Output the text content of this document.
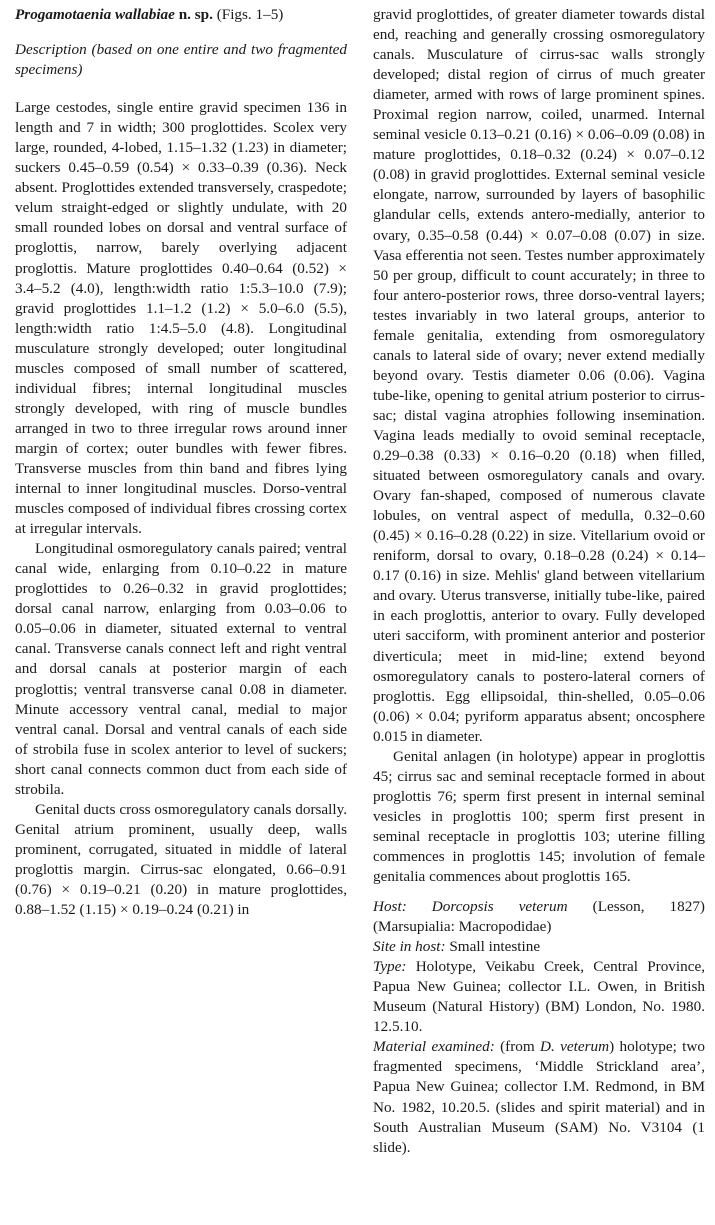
Progamotaenia wallabiae n. sp. (Figs. 1–5)
Description (based on one entire and two fragmented specimens)

Large cestodes, single entire gravid specimen 136 in length and 7 in width; 300 proglottides. Scolex very large, rounded, 4-lobed, 1.15–1.32 (1.23) in diameter; suckers 0.45–0.59 (0.54) × 0.33–0.39 (0.36). Neck absent. Proglottides extended transversely, craspedote; velum straight-edged or slightly undulate, with 20 small rounded lobes on dorsal and ventral surface of proglottis, narrow, barely overlying adjacent proglottis. Mature proglottides 0.40–0.64 (0.52) × 3.4–5.2 (4.0), length:width ratio 1:5.3–10.0 (7.9); gravid proglottides 1.1–1.2 (1.2) × 5.0–6.0 (5.5), length:width ratio 1:4.5–5.0 (4.8). Longitudinal musculature strongly developed; outer longitudinal muscles composed of small number of scattered, individual fibres; internal longitudinal muscles strongly developed, with ring of muscle bundles arranged in two to three irregular rows around inner margin of cortex; outer bundles with fewer fibres. Transverse muscles from thin band and fibres lying internal to inner longitudinal muscles. Dorso-ventral muscles composed of individual fibres crossing cortex at irregular intervals.

Longitudinal osmoregulatory canals paired; ventral canal wide, enlarging from 0.10–0.22 in mature proglottides to 0.26–0.32 in gravid proglottides; dorsal canal narrow, enlarging from 0.03–0.06 to 0.05–0.06 in diameter, situated external to ventral canal. Transverse canals connect left and right ventral and dorsal canals at posterior margin of each proglottis; ventral transverse canal 0.08 in diameter. Minute accessory ventral canal, medial to major ventral canal. Dorsal and ventral canals of each side of strobila fuse in scolex anterior to level of suckers; short canal connects common duct from each side of strobila.

Genital ducts cross osmoregulatory canals dorsally. Genital atrium prominent, usually deep, walls prominent, corrugated, situated in middle of lateral proglottis margin. Cirrus-sac elongated, 0.66–0.91 (0.76) × 0.19–0.21 (0.20) in mature proglottides, 0.88–1.52 (1.15) × 0.19–0.24 (0.21) in

gravid proglottides, of greater diameter towards distal end, reaching and generally crossing osmoregulatory canals. Musculature of cirrus-sac walls strongly developed; distal region of cirrus of much greater diameter, armed with rows of large prominent spines. Proximal region narrow, coiled, unarmed. Internal seminal vesicle 0.13–0.21 (0.16) × 0.06–0.09 (0.08) in mature proglottides, 0.18–0.32 (0.24) × 0.07–0.12 (0.08) in gravid proglottides. External seminal vesicle elongate, narrow, surrounded by layers of basophilic glandular cells, extends antero-medially, anterior to ovary, 0.35–0.58 (0.44) × 0.07–0.08 (0.07) in size. Vasa efferentia not seen. Testes number approximately 50 per group, difficult to count accurately; in three to four antero-posterior rows, three dorso-ventral layers; testes invariably in two lateral groups, anterior to female genitalia, extending from osmoregulatory canals to lateral side of ovary; never extend medially beyond ovary. Testis diameter 0.06 (0.06). Vagina tube-like, opening to genital atrium posterior to cirrus-sac; distal vagina atrophies following insemination. Vagina leads medially to ovoid seminal receptacle, 0.29–0.38 (0.33) × 0.16–0.20 (0.18) when filled, situated between osmoregulatory canals and ovary. Ovary fan-shaped, composed of numerous clavate lobules, on ventral aspect of medulla, 0.32–0.60 (0.45) × 0.16–0.28 (0.22) in size. Vitellarium ovoid or reniform, dorsal to ovary, 0.18–0.28 (0.24) × 0.14–0.17 (0.16) in size. Mehlis' gland between vitellarium and ovary. Uterus transverse, initially tube-like, paired in each proglottis, anterior to ovary. Fully developed uteri sacciform, with prominent anterior and posterior diverticula; meet in mid-line; extend beyond osmoregulatory canals to postero-lateral corners of proglottis. Egg ellipsoidal, thin-shelled, 0.05–0.06 (0.06) × 0.04; pyriform apparatus absent; oncosphere 0.015 in diameter.

Genital anlagen (in holotype) appear in proglottis 45; cirrus sac and seminal receptacle formed in about proglottis 76; sperm first present in internal seminal vesicles in proglottis 100; sperm first present in seminal receptacle in proglottis 103; uterine filling commences in proglottis 145; involution of female genitalia commences about proglottis 165.

Host: Dorcopsis veterum (Lesson, 1827) (Marsupialia: Macropodidae)

Site in host: Small intestine

Type: Holotype, Veikabu Creek, Central Province, Papua New Guinea; collector I.L. Owen, in British Museum (Natural History) (BM) London, No. 1980. 12.5.10.

Material examined: (from D. veterum) holotype; two fragmented specimens, ‘Middle Strickland area’, Papua New Guinea; collector I.M. Redmond, in BM No. 1982, 10.20.5. (slides and spirit material) and in South Australian Museum (SAM) No. V3104 (1 slide).
